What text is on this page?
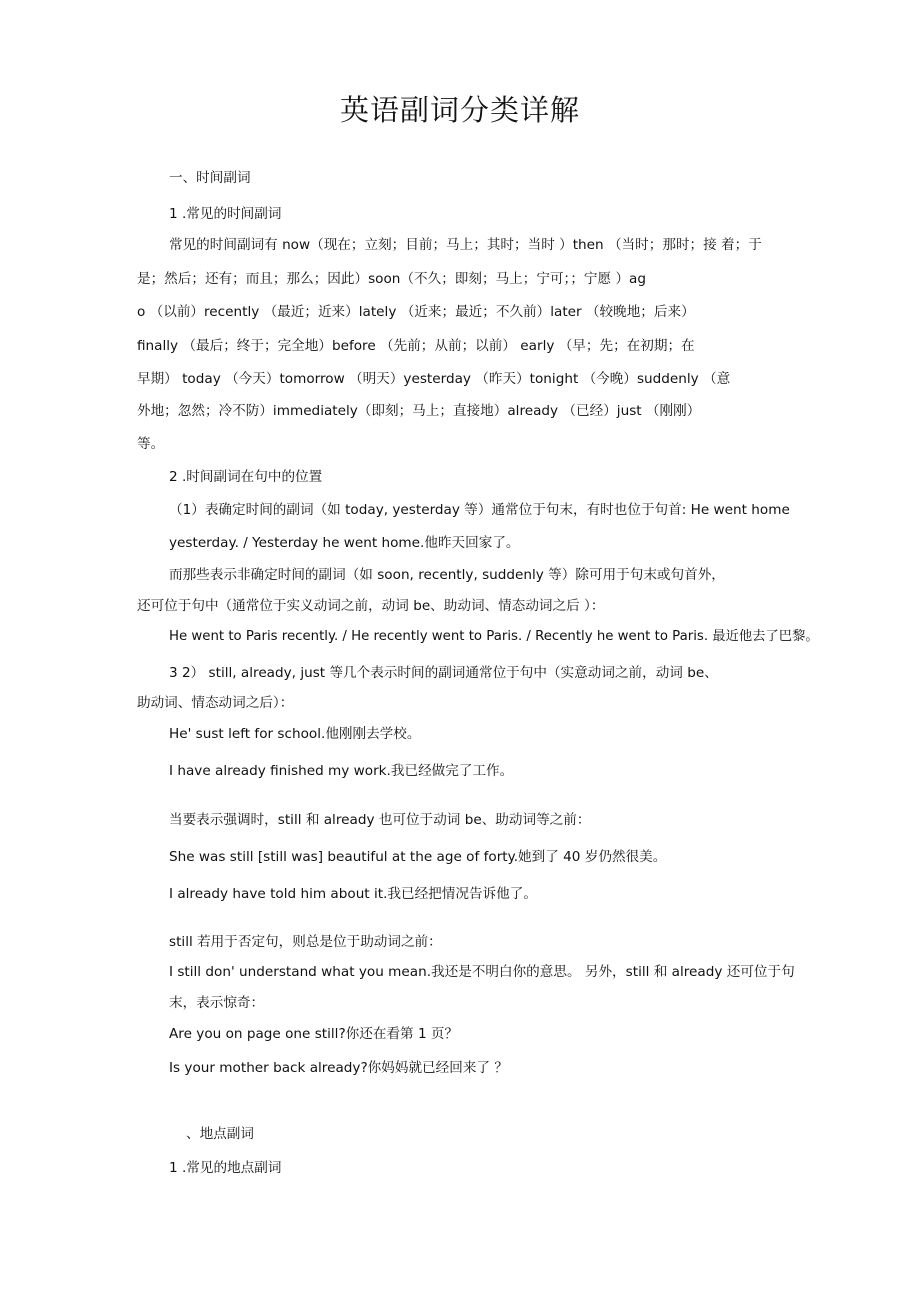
英语副词分类详解
一、时间副词
1 .常见的时间副词
常见的时间副词有 now（现在；立刻；目前；马上；其时；当时 ）then （当时；那时；接 着；于
是；然后；还有；而且；那么；因此）soon（不久；即刻；马上；宁可；；宁愿 ）ag
o （以前）recently （最近；近来）lately （近来；最近；不久前）later （较晚地；后来）
finally （最后；终于；完全地）before （先前；从前；以前） early （早；先；在初期；在
早期） today （今天）tomorrow （明天）yesterday （昨天）tonight （今晚）suddenly （意
外地；忽然；冷不防）immediately（即刻；马上；直接地）already （已经）just （刚刚）
等。
2 .时间副词在句中的位置
（1）表确定时间的副词（如 today, yesterday 等）通常位于句末，有时也位于句首: He went home
yesterday. / Yesterday he went home.他昨天回家了。
而那些表示非确定时间的副词（如 soon, recently, suddenly 等）除可用于句末或句首外，
还可位于句中（通常位于实义动词之前，动词 be、助动词、情态动词之后 ）：
He went to Paris recently. / He recently went to Paris. / Recently he went to Paris. 最近他去了巴黎。
3 2） still, already, just 等几个表示时间的副词通常位于句中（实意动词之前，动词 be、
助动词、情态动词之后）：
He' sust left for school.他刚刚去学校。
I have already finished my work.我已经做完了工作。
当要表示强调时，still 和 already 也可位于动词 be、助动词等之前：
She was still [still was] beautiful at the age of forty.她到了 40 岁仍然很美。
I already have told him about it.我已经把情况告诉他了。
still 若用于否定句，则总是位于助动词之前：
I still don' understand what you mean.我还是不明白你的意思。 另外，still 和 already 还可位于句
末，表示惊奇：
Are you on page one still?你还在看第 1 页？
Is your mother back already?你妈妈就已经回来了 ？
、地点副词
1 .常见的地点副词
